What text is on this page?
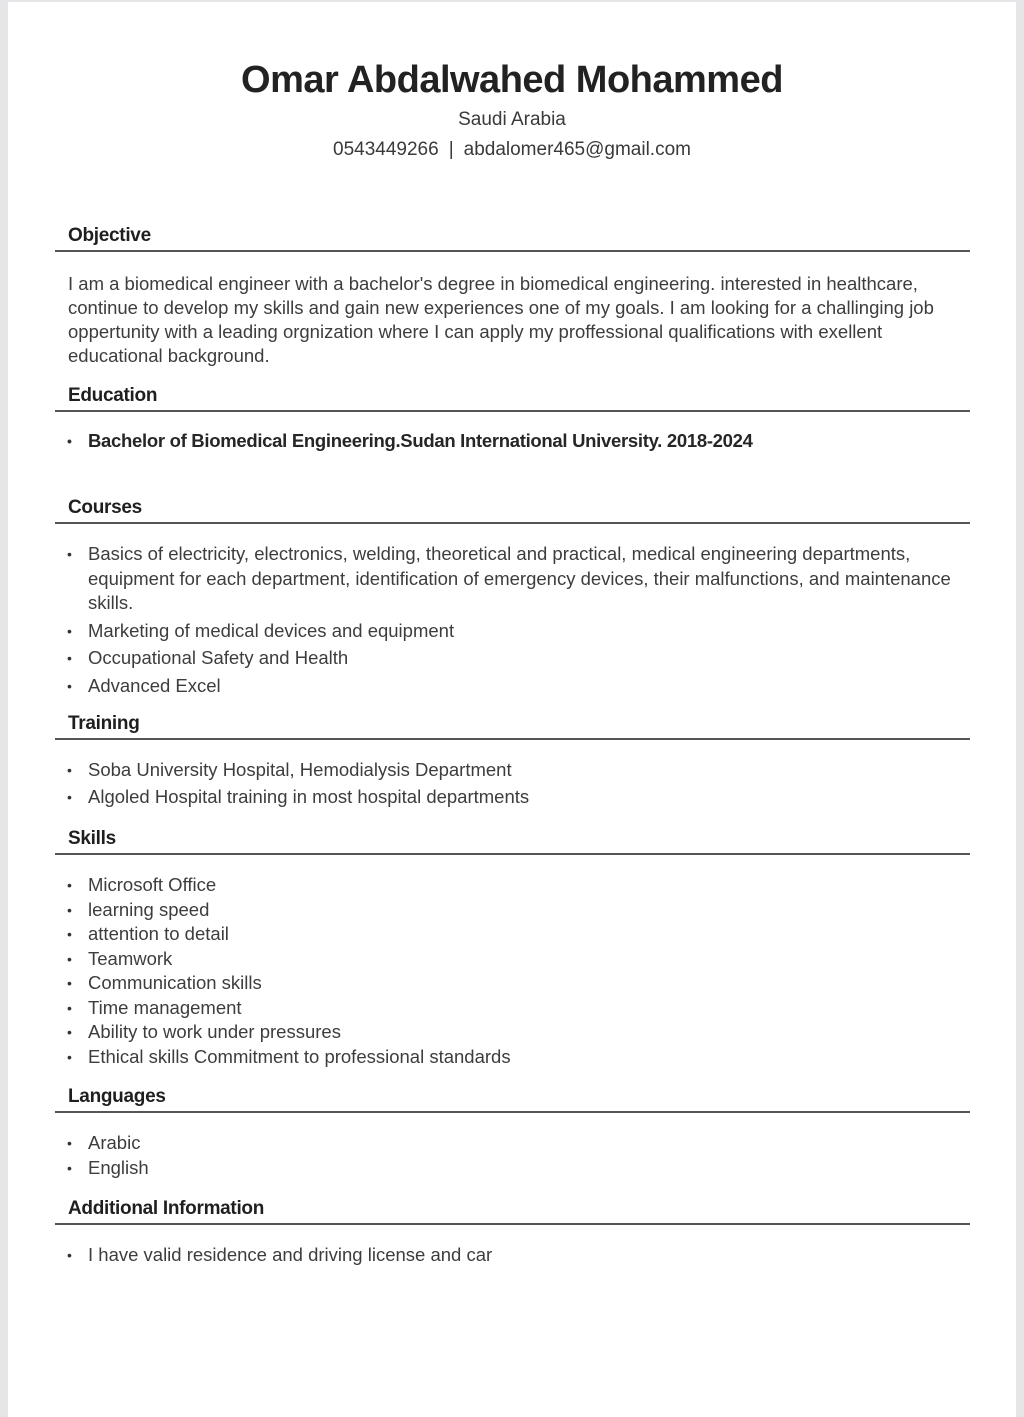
Omar Abdalwahed Mohammed
Saudi Arabia
0543449266 | abdalomer465@gmail.com
Objective
I am a biomedical engineer with a bachelor's degree in biomedical engineering. interested in healthcare, continue to develop my skills and gain new experiences one of my goals. I am looking for a challinging job oppertunity with a leading orgnization where I can apply my proffessional qualifications with exellent educational background.
Education
• Bachelor of Biomedical Engineering.Sudan International University. 2018-2024
Courses
• Basics of electricity, electronics, welding, theoretical and practical, medical engineering departments, equipment for each department, identification of emergency devices, their malfunctions, and maintenance skills.
• Marketing of medical devices and equipment
• Occupational Safety and Health
• Advanced Excel
Training
• Soba University Hospital, Hemodialysis Department
• Algoled Hospital training in most hospital departments
Skills
• Microsoft Office
• learning speed
• attention to detail
• Teamwork
• Communication skills
• Time management
• Ability to work under pressures
• Ethical skills Commitment to professional standards
Languages
• Arabic
• English
Additional Information
• I have valid residence and driving license and car
